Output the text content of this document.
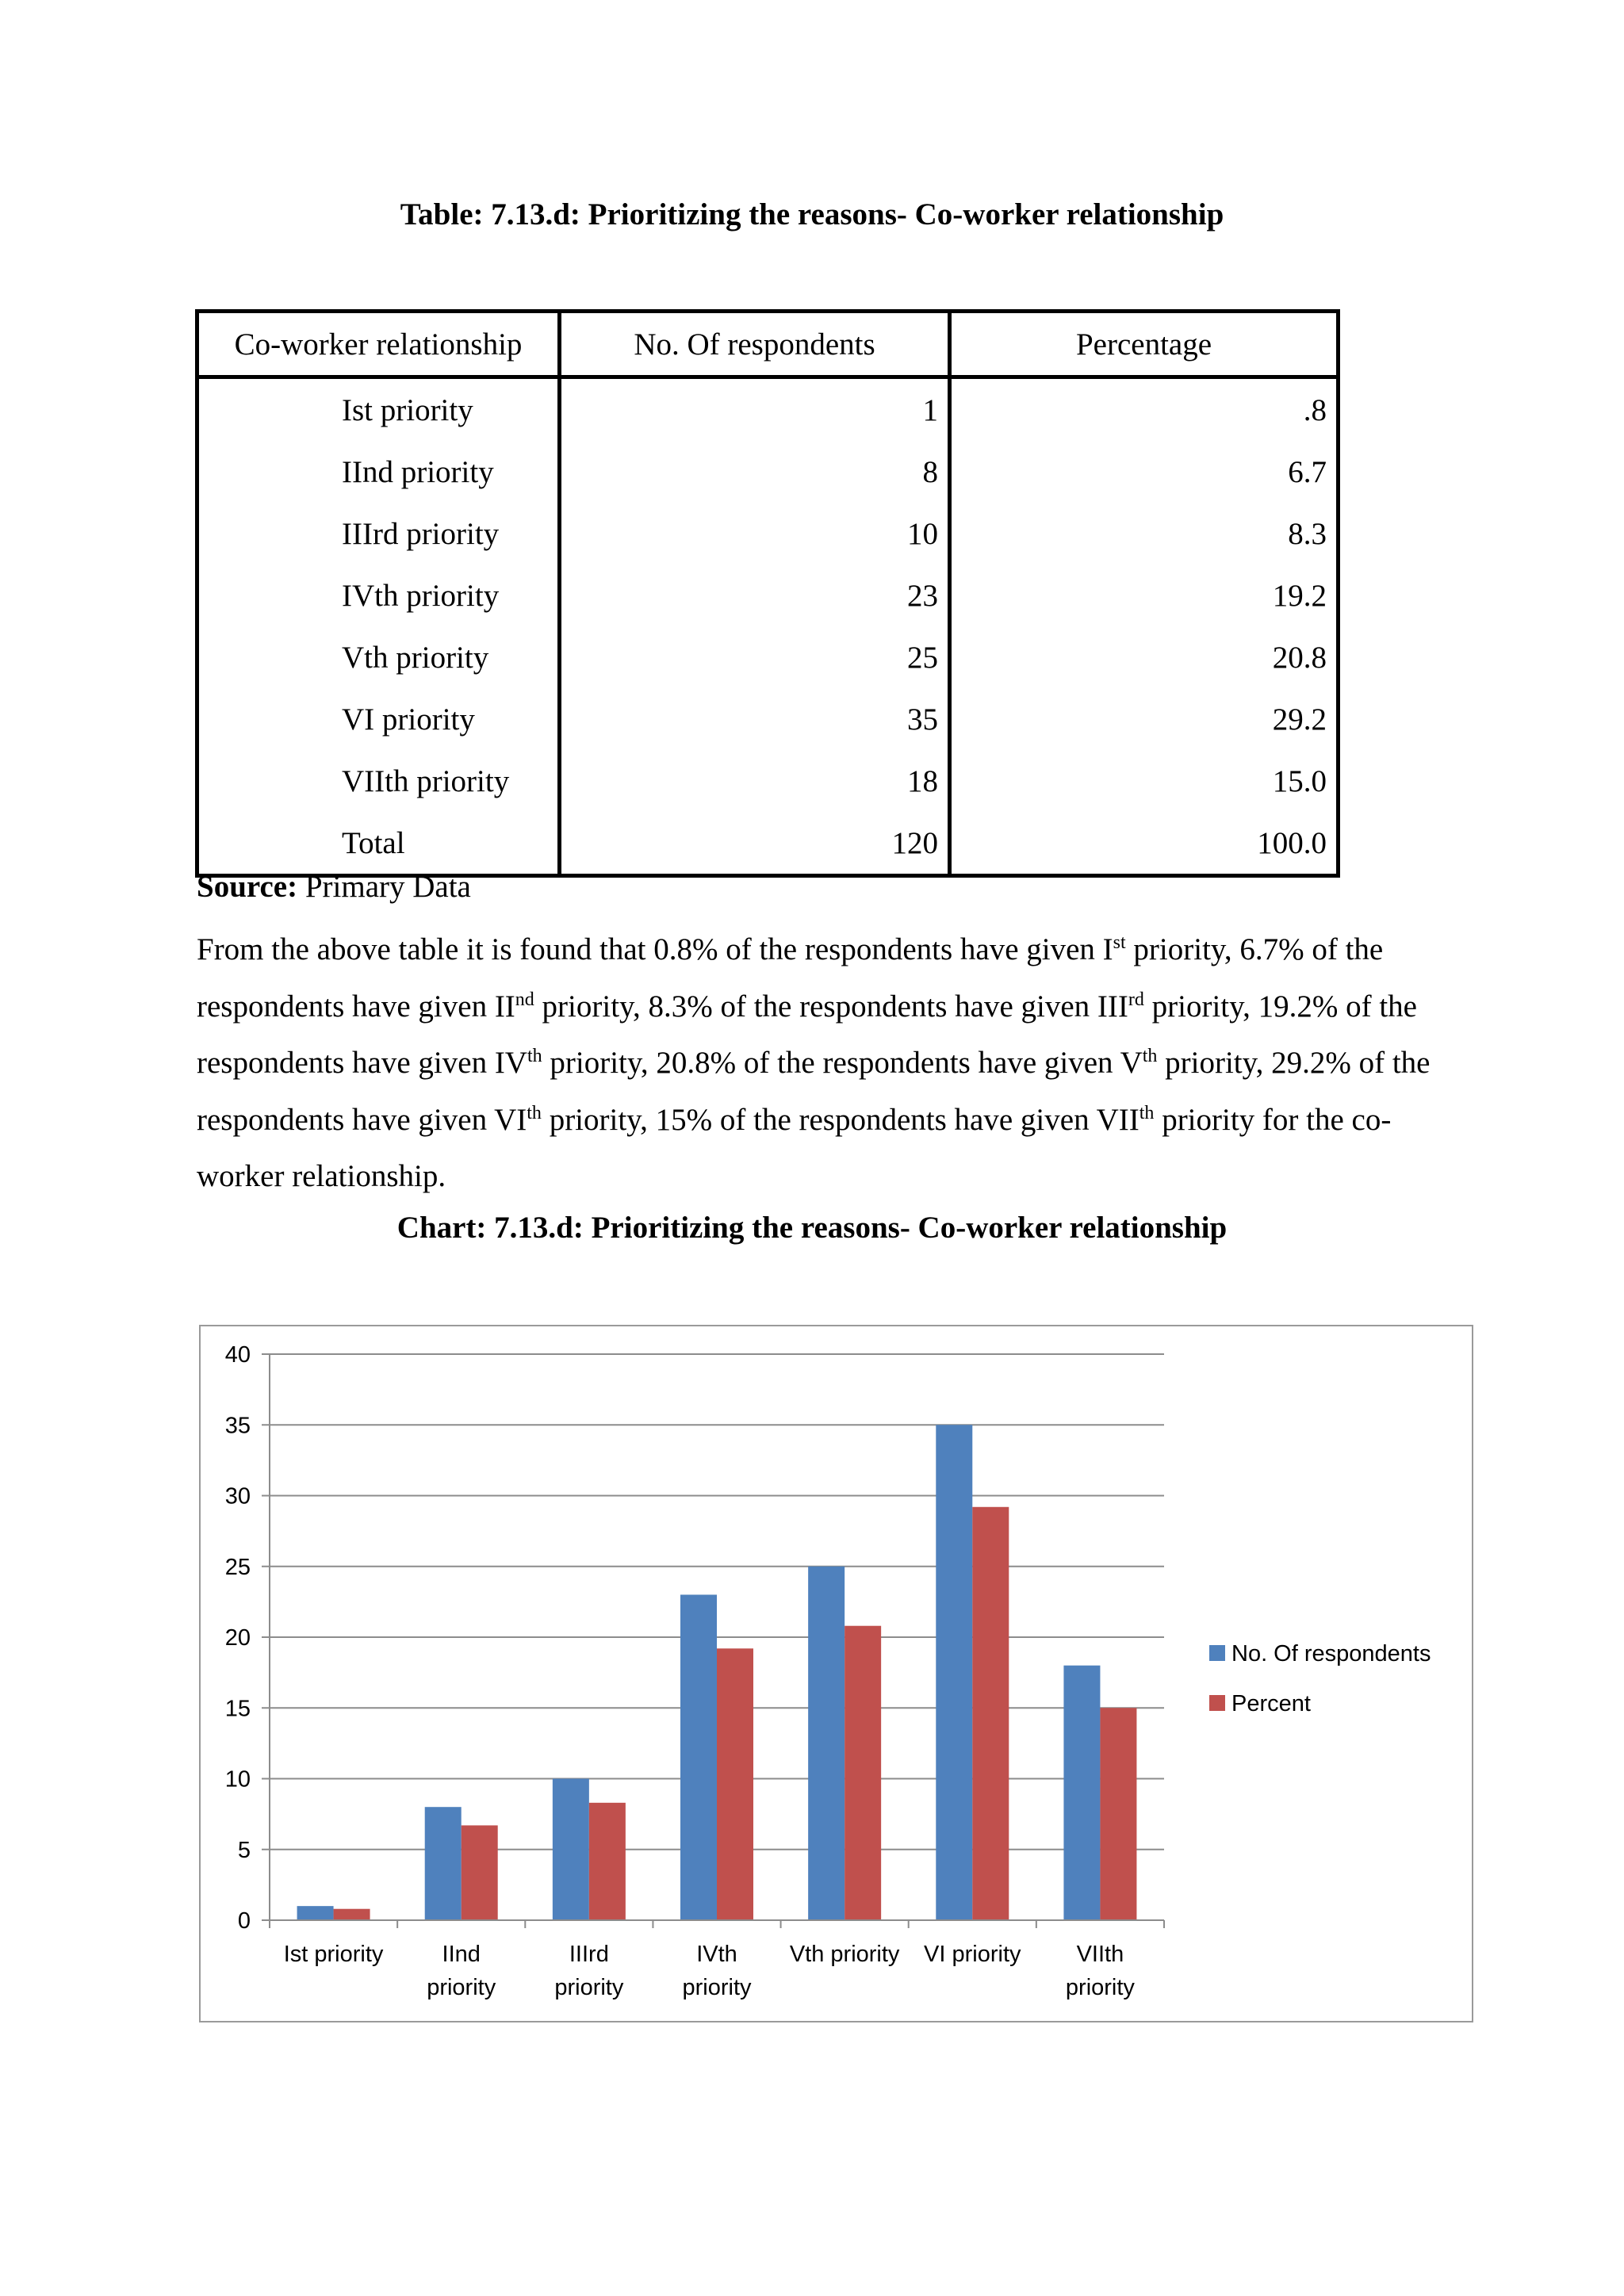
Table: 7.13.d: Prioritizing the reasons- Co-worker relationship
Co-worker relationship	No. Of respondents	Percentage
Ist priority	1	.8
IInd priority	8	6.7
IIIrd priority	10	8.3
IVth priority	23	19.2
Vth priority	25	20.8
VI priority	35	29.2
VIIth priority	18	15.0
Total	120	100.0
Source: Primary Data
From the above table it is found that 0.8% of the respondents have given Ist priority, 6.7% of the respondents have given IInd priority, 8.3% of the respondents have given IIIrd priority, 19.2% of the respondents have given IVth priority, 20.8% of the respondents have given Vth priority, 29.2% of the respondents have given VIth priority, 15% of the respondents have given VIIth priority for the co-worker relationship.
Chart: 7.13.d: Prioritizing the reasons- Co-worker relationship
0
5
10
15
20
25
30
35
40
Ist priority	IInd
priority
IIIrd
priority
IVth
priority
Vth priority VI priority VIIth
priority
No. Of respondents
Percent
